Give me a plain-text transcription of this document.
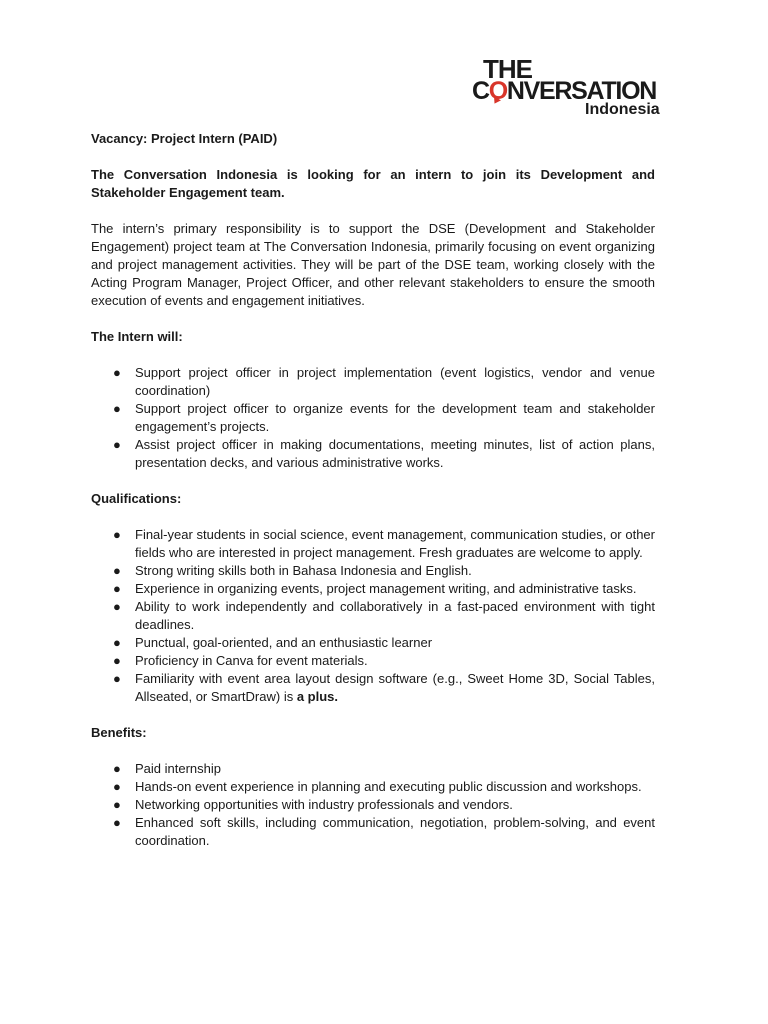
THE
CO
NVERSATION
Indonesia

Vacancy: Project Intern (PAID)

The Conversation Indonesia is looking for an intern to join its Development and Stakeholder Engagement team.

The intern’s primary responsibility is to support the DSE (Development and Stakeholder Engagement) project team at The Conversation Indonesia, primarily focusing on event organizing and project management activities. They will be part of the DSE team, working closely with the Acting Program Manager, Project Officer, and other relevant stakeholders to ensure the smooth execution of events and engagement initiatives.

The Intern will:

● Support project officer in project implementation (event logistics, vendor and venue coordination)
● Support project officer to organize events for the development team and stakeholder engagement’s projects.
● Assist project officer in making documentations, meeting minutes, list of action plans, presentation decks, and various administrative works.

Qualifications:

● Final-year students in social science, event management, communication studies, or other fields who are interested in project management. Fresh graduates are welcome to apply.
● Strong writing skills both in Bahasa Indonesia and English.
● Experience in organizing events, project management writing, and administrative tasks.
● Ability to work independently and collaboratively in a fast-paced environment with tight deadlines.
● Punctual, goal-oriented, and an enthusiastic learner
● Proficiency in Canva for event materials.
● Familiarity with event area layout design software (e.g., Sweet Home 3D, Social Tables, Allseated, or SmartDraw) is a plus.

Benefits:

● Paid internship
● Hands-on event experience in planning and executing public discussion and workshops.
● Networking opportunities with industry professionals and vendors.
● Enhanced soft skills, including communication, negotiation, problem-solving, and event coordination.
